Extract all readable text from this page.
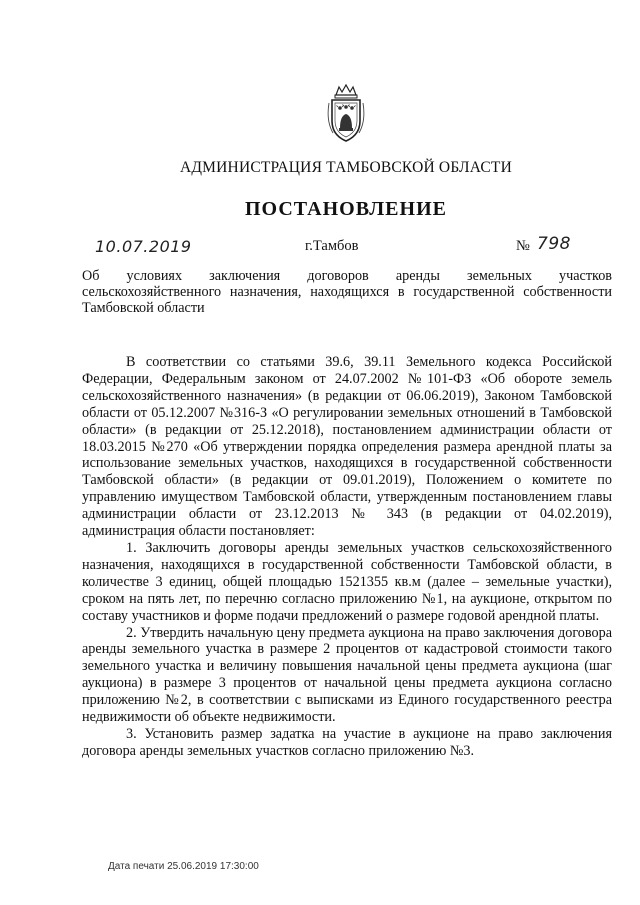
АДМИНИСТРАЦИЯ ТАМБОВСКОЙ ОБЛАСТИ
ПОСТАНОВЛЕНИЕ
10.07.2019	г.Тамбов	№ 798
Об условиях заключения договоров аренды земельных участков сельскохозяйственного назначения, находящихся в государственной собственности Тамбовской области

В соответствии со статьями 39.6, 39.11 Земельного кодекса Российской Федерации, Федеральным законом от 24.07.2002 №101-ФЗ «Об обороте земель сельскохозяйственного назначения» (в редакции от 06.06.2019), Законом Тамбовской области от 05.12.2007 №316-З «О регулировании земельных отношений в Тамбовской области» (в редакции от 25.12.2018), постановлением администрации области от 18.03.2015 №270 «Об утверждении порядка определения размера арендной платы за использование земельных участков, находящихся в государственной собственности Тамбовской области» (в редакции от 09.01.2019), Положением о комитете по управлению имуществом Тамбовской области, утвержденным постановлением главы администрации области от 23.12.2013 № 343 (в редакции от 04.02.2019), администрация области постановляет:

1. Заключить договоры аренды земельных участков сельскохозяйственного назначения, находящихся в государственной собственности Тамбовской области, в количестве 3 единиц, общей площадью 1521355 кв.м (далее – земельные участки), сроком на пять лет, по перечню согласно приложению №1, на аукционе, открытом по составу участников и форме подачи предложений о размере годовой арендной платы.

2. Утвердить начальную цену предмета аукциона на право заключения договора аренды земельного участка в размере 2 процентов от кадастровой стоимости такого земельного участка и величину повышения начальной цены предмета аукциона (шаг аукциона) в размере 3 процентов от начальной цены предмета аукциона согласно приложению №2, в соответствии с выписками из Единого государственного реестра недвижимости об объекте недвижимости.

3. Установить размер задатка на участие в аукционе на право заключения договора аренды земельных участков согласно приложению №3.

Дата печати 25.06.2019 17:30:00
